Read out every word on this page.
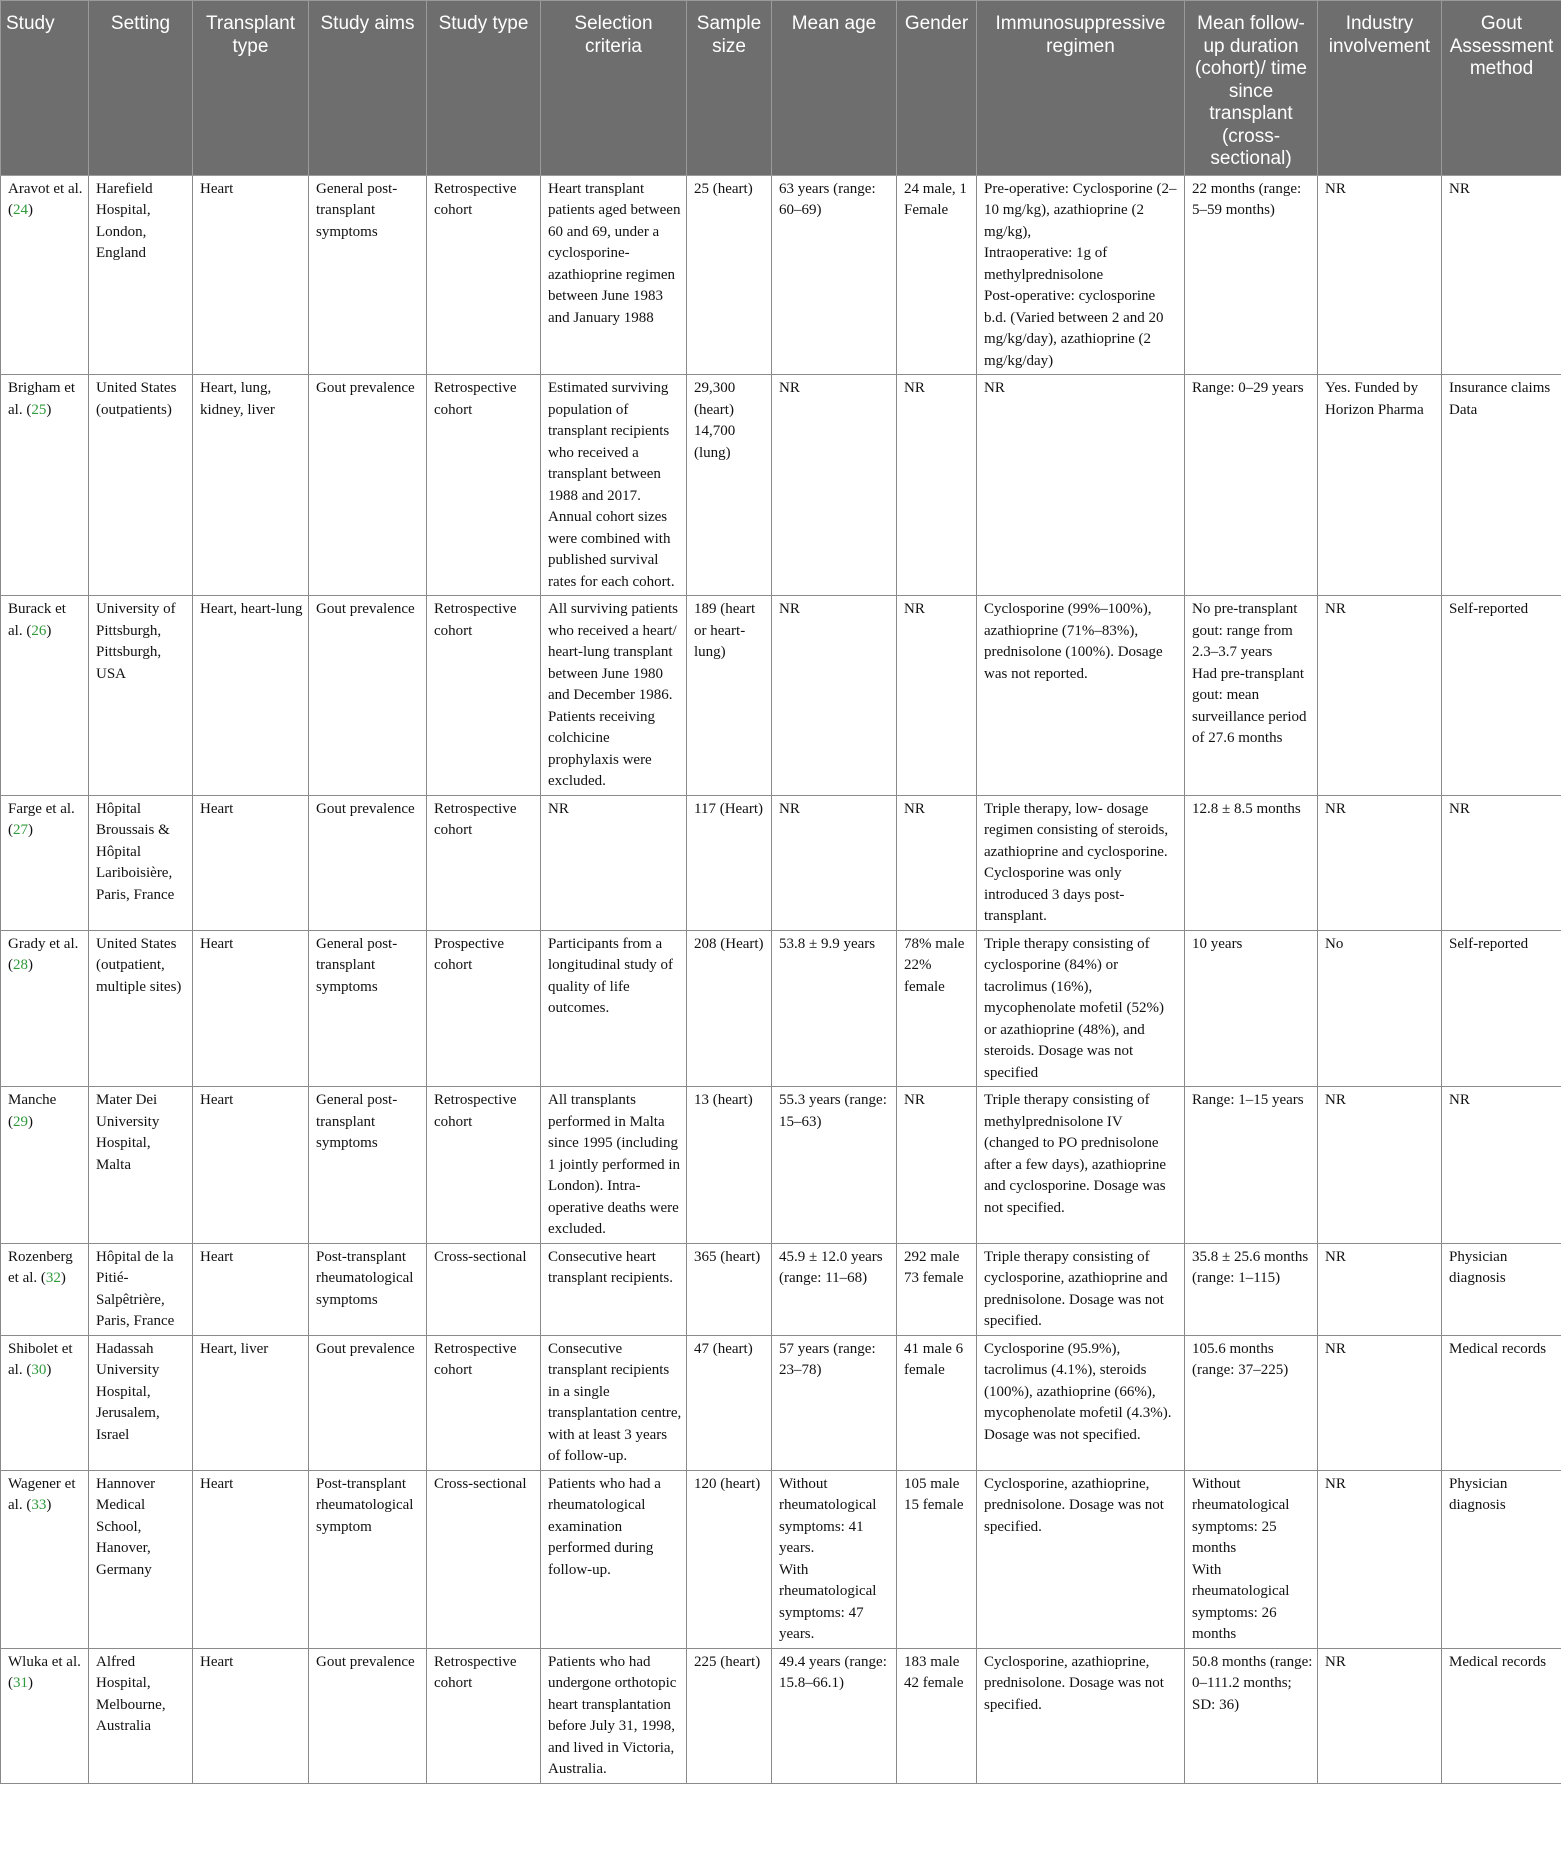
Study	Setting	Transplant type	Study aims	Study type	Selection criteria	Sample size	Mean age	Gender	Immunosuppressive regimen	Mean follow-up duration (cohort)/ time since transplant (cross-sectional)	Industry involvement	Gout Assessment method
Aravot et al. (24)	Harefield Hospital, London, England	Heart	General post-transplant symptoms	Retrospective cohort	Heart transplant patients aged between 60 and 69, under a cyclosporine-azathioprine regimen between June 1983 and January 1988	25 (heart)	63 years (range: 60–69)	24 male, 1 Female	Pre-operative: Cyclosporine (2–10 mg/kg), azathioprine (2 mg/kg),
Intraoperative: 1g of methylprednisolone
Post-operative: cyclosporine b.d. (Varied between 2 and 20 mg/kg/day), azathioprine (2 mg/kg/day)	22 months (range: 5–59 months)	NR	NR
Brigham et al. (25)	United States (outpatients)	Heart, lung, kidney, liver	Gout prevalence	Retrospective cohort	Estimated surviving population of transplant recipients who received a transplant between 1988 and 2017. Annual cohort sizes were combined with published survival rates for each cohort.	29,300 (heart) 14,700 (lung)	NR	NR	NR	Range: 0–29 years	Yes. Funded by Horizon Pharma	Insurance claims Data
Burack et al. (26)	University of Pittsburgh, Pittsburgh, USA	Heart, heart-lung	Gout prevalence	Retrospective cohort	All surviving patients who received a heart/ heart-lung transplant between June 1980 and December 1986. Patients receiving colchicine prophylaxis were excluded.	189 (heart or heart-lung)	NR	NR	Cyclosporine (99%–100%), azathioprine (71%–83%), prednisolone (100%). Dosage was not reported.	No pre-transplant gout: range from 2.3–3.7 years
Had pre-transplant gout: mean surveillance period of 27.6 months	NR	Self-reported
Farge et al. (27)	Hôpital Broussais & Hôpital Lariboisière, Paris, France	Heart	Gout prevalence	Retrospective cohort	NR	117 (Heart)	NR	NR	Triple therapy, low- dosage regimen consisting of steroids, azathioprine and cyclosporine. Cyclosporine was only introduced 3 days post-transplant.	12.8 ± 8.5 months	NR	NR
Grady et al. (28)	United States (outpatient, multiple sites)	Heart	General post-transplant symptoms	Prospective cohort	Participants from a longitudinal study of quality of life outcomes.	208 (Heart)	53.8 ± 9.9 years	78% male 22% female	Triple therapy consisting of cyclosporine (84%) or tacrolimus (16%), mycophenolate mofetil (52%) or azathioprine (48%), and steroids. Dosage was not specified	10 years	No	Self-reported
Manche (29)	Mater Dei University Hospital, Malta	Heart	General post-transplant symptoms	Retrospective cohort	All transplants performed in Malta since 1995 (including 1 jointly performed in London). Intra-operative deaths were excluded.	13 (heart)	55.3 years (range: 15–63)	NR	Triple therapy consisting of methylprednisolone IV (changed to PO prednisolone after a few days), azathioprine and cyclosporine. Dosage was not specified.	Range: 1–15 years	NR	NR
Rozenberg et al. (32)	Hôpital de la Pitié-Salpêtrière, Paris, France	Heart	Post-transplant rheumatological symptoms	Cross-sectional	Consecutive heart transplant recipients.	365 (heart)	45.9 ± 12.0 years (range: 11–68)	292 male 73 female	Triple therapy consisting of cyclosporine, azathioprine and prednisolone. Dosage was not specified.	35.8 ± 25.6 months (range: 1–115)	NR	Physician diagnosis
Shibolet et al. (30)	Hadassah University Hospital, Jerusalem, Israel	Heart, liver	Gout prevalence	Retrospective cohort	Consecutive transplant recipients in a single transplantation centre, with at least 3 years of follow-up.	47 (heart)	57 years (range: 23–78)	41 male 6 female	Cyclosporine (95.9%), tacrolimus (4.1%), steroids (100%), azathioprine (66%), mycophenolate mofetil (4.3%). Dosage was not specified.	105.6 months (range: 37–225)	NR	Medical records
Wagener et al. (33)	Hannover Medical School, Hanover, Germany	Heart	Post-transplant rheumatological symptom	Cross-sectional	Patients who had a rheumatological examination performed during follow-up.	120 (heart)	Without rheumatological symptoms: 41 years.
With rheumatological symptoms: 47 years.	105 male 15 female	Cyclosporine, azathioprine, prednisolone. Dosage was not specified.	Without rheumatological symptoms: 25 months
With rheumatological symptoms: 26 months	NR	Physician diagnosis
Wluka et al. (31)	Alfred Hospital, Melbourne, Australia	Heart	Gout prevalence	Retrospective cohort	Patients who had undergone orthotopic heart transplantation before July 31, 1998, and lived in Victoria, Australia.	225 (heart)	49.4 years (range: 15.8–66.1)	183 male 42 female	Cyclosporine, azathioprine, prednisolone. Dosage was not specified.	50.8 months (range: 0–111.2 months; SD: 36)	NR	Medical records
